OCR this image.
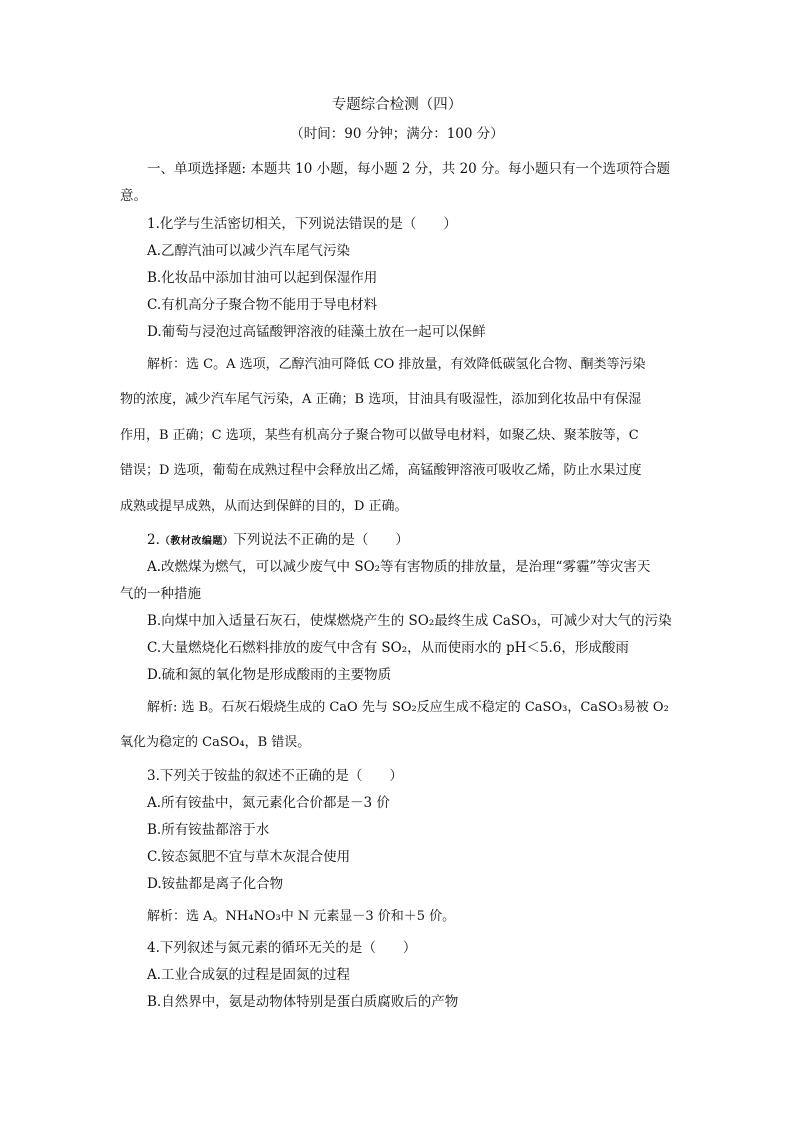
专题综合检测（四）
（时间：90 分钟；满分：100 分）
一、单项选择题: 本题共 10 小题，每小题 2 分，共 20 分。每小题只有一个选项符合题
意。
1.化学与生活密切相关，下列说法错误的是（　　）
A.乙醇汽油可以减少汽车尾气污染
B.化妆品中添加甘油可以起到保湿作用
C.有机高分子聚合物不能用于导电材料
D.葡萄与浸泡过高锰酸钾溶液的硅藻土放在一起可以保鲜
解析：选 C。A 选项，乙醇汽油可降低 CO 排放量，有效降低碳氢化合物、酮类等污染
物的浓度，减少汽车尾气污染，A 正确；B 选项，甘油具有吸湿性，添加到化妆品中有保湿
作用，B 正确；C 选项，某些有机高分子聚合物可以做导电材料，如聚乙炔、聚苯胺等，C
错误；D 选项，葡萄在成熟过程中会释放出乙烯，高锰酸钾溶液可吸收乙烯，防止水果过度
成熟或提早成熟，从而达到保鲜的目的，D 正确。
2.（教材改编题）下列说法不正确的是（　　）
A.改燃煤为燃气，可以减少废气中 SO₂等有害物质的排放量，是治理“雾霾”等灾害天
气的一种措施
B.向煤中加入适量石灰石，使煤燃烧产生的 SO₂最终生成 CaSO₃，可减少对大气的污染
C.大量燃烧化石燃料排放的废气中含有 SO₂，从而使雨水的 pH＜5.6，形成酸雨
D.硫和氮的氧化物是形成酸雨的主要物质
解析: 选 B。石灰石煅烧生成的 CaO 先与 SO₂反应生成不稳定的 CaSO₃，CaSO₃易被 O₂
氧化为稳定的 CaSO₄，B 错误。
3.下列关于铵盐的叙述不正确的是（　　）
A.所有铵盐中，氮元素化合价都是－3 价
B.所有铵盐都溶于水
C.铵态氮肥不宜与草木灰混合使用
D.铵盐都是离子化合物
解析：选 A。NH₄NO₃中 N 元素显－3 价和＋5 价。
4.下列叙述与氮元素的循环无关的是（　　）
A.工业合成氨的过程是固氮的过程
B.自然界中，氨是动物体特别是蛋白质腐败后的产物
